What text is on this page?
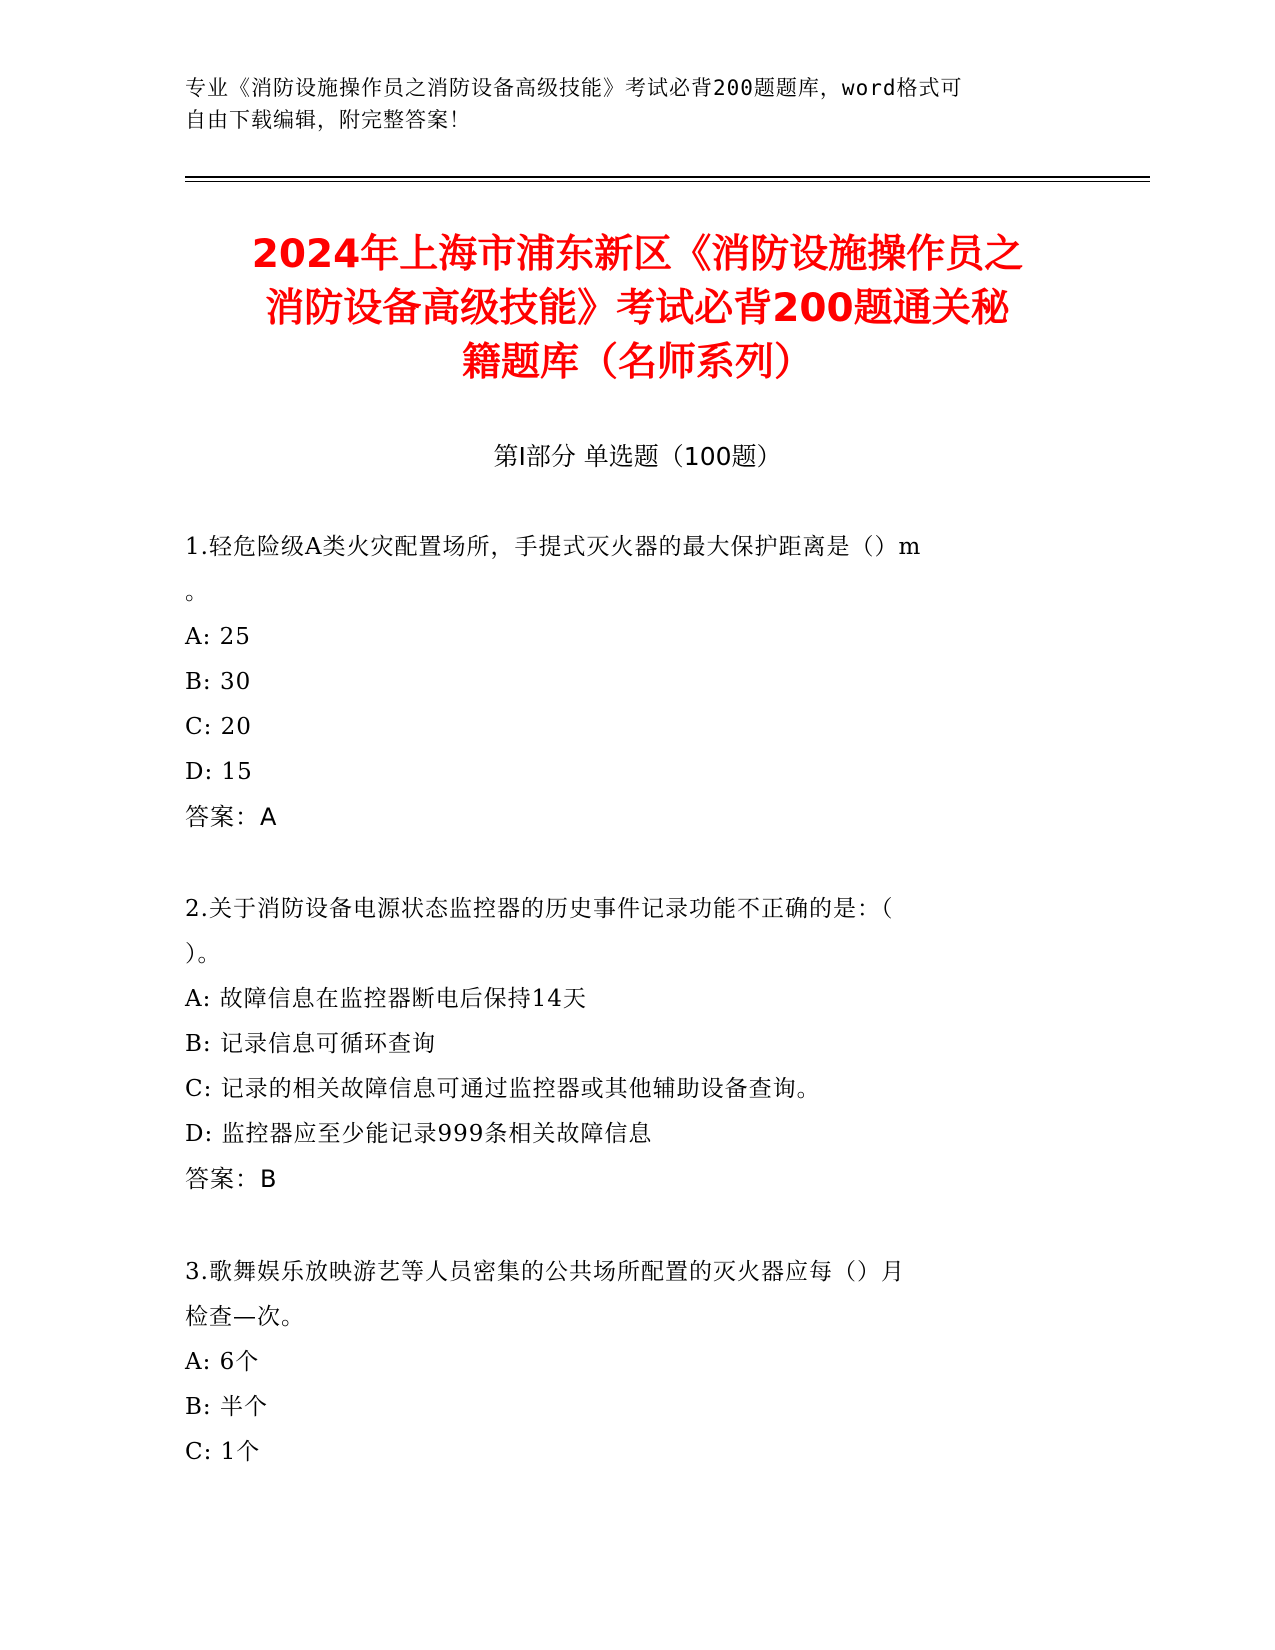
专业《消防设施操作员之消防设备高级技能》考试必背200题题库，word格式可
自由下载编辑，附完整答案！
2024年上海市浦东新区《消防设施操作员之
消防设备高级技能》考试必背200题通关秘
籍题库（名师系列）
第Ⅰ部分 单选题（100题）
1.轻危险级A类火灾配置场所，手提式灭火器的最大保护距离是（）m
。
A: 25
B: 30
C: 20
D: 15
答案：A
2.关于消防设备电源状态监控器的历史事件记录功能不正确的是：（
）。
A: 故障信息在监控器断电后保持14天
B: 记录信息可循环查询
C: 记录的相关故障信息可通过监控器或其他辅助设备查询。
D: 监控器应至少能记录999条相关故障信息
答案：B
3.歌舞娱乐放映游艺等人员密集的公共场所配置的灭火器应每（）月
检查—次。
A: 6个
B: 半个
C: 1个
